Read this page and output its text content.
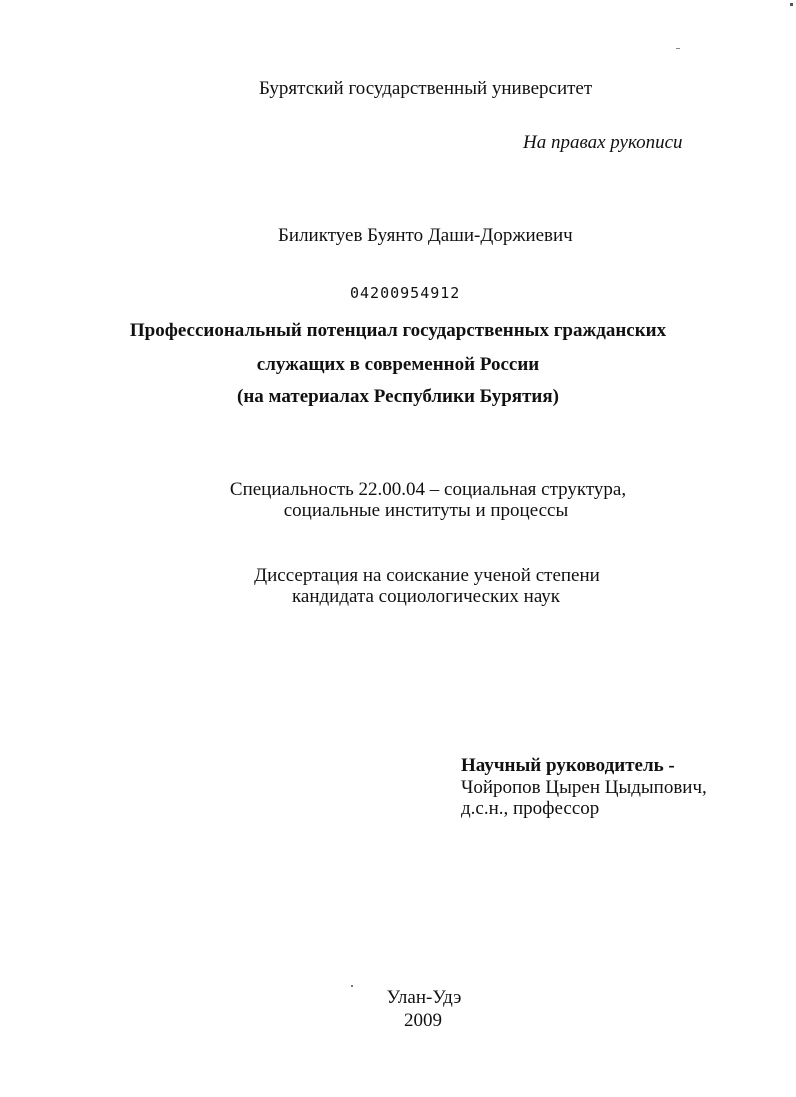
Бурятский государственный университет
На правах рукописи
Биликтуев Буянто Даши-Доржиевич
04200954912
Профессиональный потенциал государственных гражданских
служащих в современной России
(на материалах Республики Бурятия)
Специальность 22.00.04 – социальная структура,
социальные институты и процессы
Диссертация на соискание ученой степени
кандидата социологических наук
Научный руководитель -
Чойропов Цырен Цыдыпович,
д.с.н., профессор
Улан-Удэ
2009
